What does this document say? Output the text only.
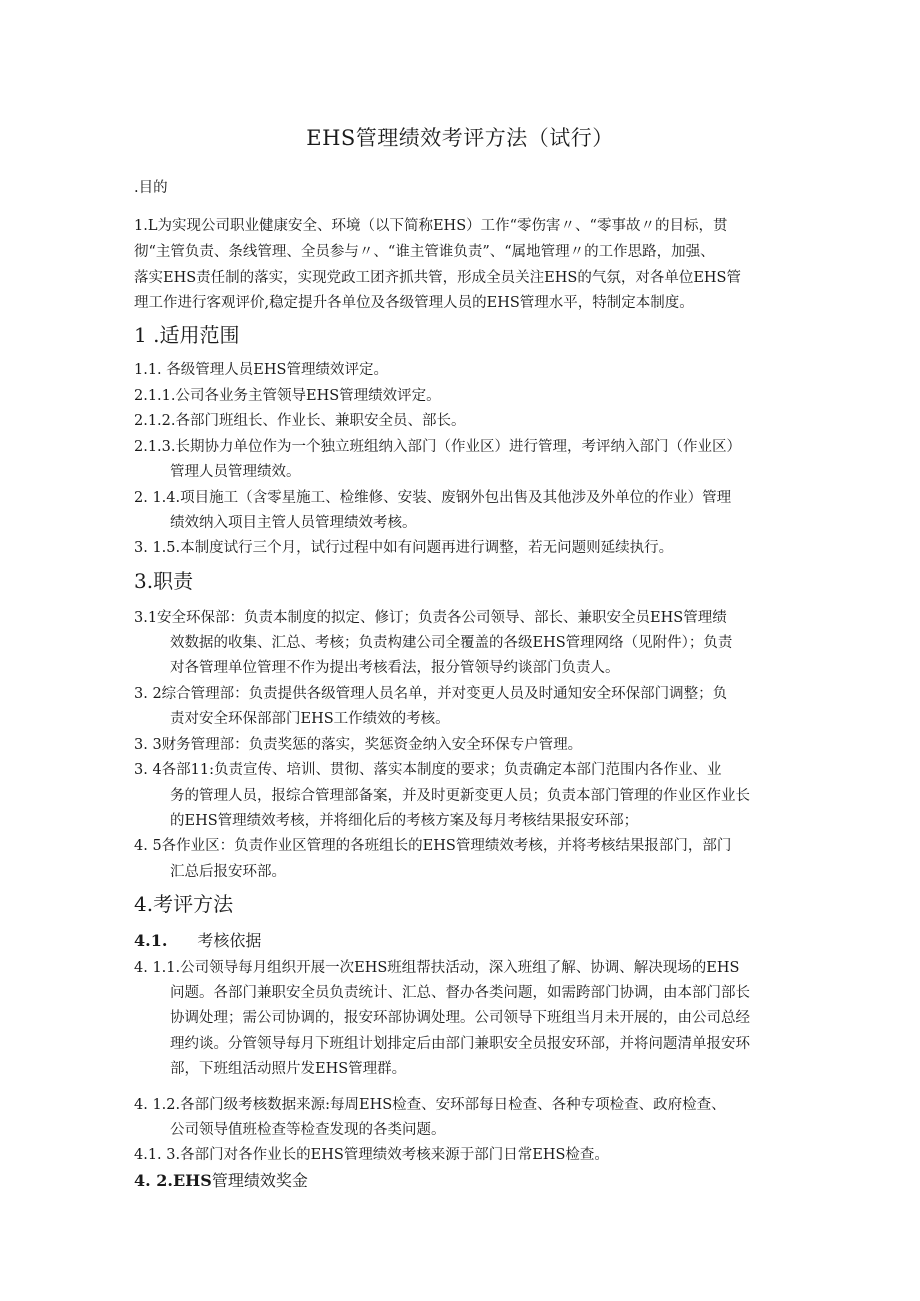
EHS管理绩效考评方法（试行）
.目的
1.L为实现公司职业健康安全、环境（以下简称EHS）工作“零伤害〃、“零事故〃的目标，贯
彻“主管负责、条线管理、全员参与〃、“谁主管谁负责”、“属地管理〃的工作思路，加强、
落实EHS责任制的落实，实现党政工团齐抓共管，形成全员关注EHS的气氛，对各单位EHS管
理工作进行客观评价,稳定提升各单位及各级管理人员的EHS管理水平，特制定本制度。
1 .适用范围
1.1. 各级管理人员EHS管理绩效评定。
2.1.1.公司各业务主管领导EHS管理绩效评定。
2.1.2.各部门班组长、作业长、兼职安全员、部长。
2.1.3.长期协力单位作为一个独立班组纳入部门（作业区）进行管理，考评纳入部门（作业区）
管理人员管理绩效。
2. 1.4.项目施工（含零星施工、检维修、安装、废钢外包出售及其他涉及外单位的作业）管理
绩效纳入项目主管人员管理绩效考核。
3. 1.5.本制度试行三个月，试行过程中如有问题再进行调整，若无问题则延续执行。
3.职责
3.1安全环保部：负责本制度的拟定、修订；负责各公司领导、部长、兼职安全员EHS管理绩
效数据的收集、汇总、考核；负责构建公司全覆盖的各级EHS管理网络（见附件）；负责
对各管理单位管理不作为提出考核看法，报分管领导约谈部门负责人。
3. 2综合管理部：负责提供各级管理人员名单，并对变更人员及时通知安全环保部门调整；负
责对安全环保部部门EHS工作绩效的考核。
3. 3财务管理部：负责奖惩的落实，奖惩资金纳入安全环保专户管理。
3. 4各部11:负责宣传、培训、贯彻、落实本制度的要求；负责确定本部门范围内各作业、业
务的管理人员，报综合管理部备案，并及时更新变更人员；负责本部门管理的作业区作业长
的EHS管理绩效考核，并将细化后的考核方案及每月考核结果报安环部；
4. 5各作业区：负责作业区管理的各班组长的EHS管理绩效考核，并将考核结果报部门，部门
汇总后报安环部。
4.考评方法
4.1. 考核依据
4. 1.1.公司领导每月组织开展一次EHS班组帮扶活动，深入班组了解、协调、解决现场的EHS
问题。各部门兼职安全员负责统计、汇总、督办各类问题，如需跨部门协调，由本部门部长
协调处理；需公司协调的，报安环部协调处理。公司领导下班组当月未开展的，由公司总经
理约谈。分管领导每月下班组计划排定后由部门兼职安全员报安环部，并将问题清单报安环
部，下班组活动照片发EHS管理群。
4. 1.2.各部门级考核数据来源:每周EHS检查、安环部每日检查、各种专项检查、政府检查、
公司领导值班检查等检查发现的各类问题。
4.1. 3.各部门对各作业长的EHS管理绩效考核来源于部门日常EHS检查。
4. 2.EHS管理绩效奖金
